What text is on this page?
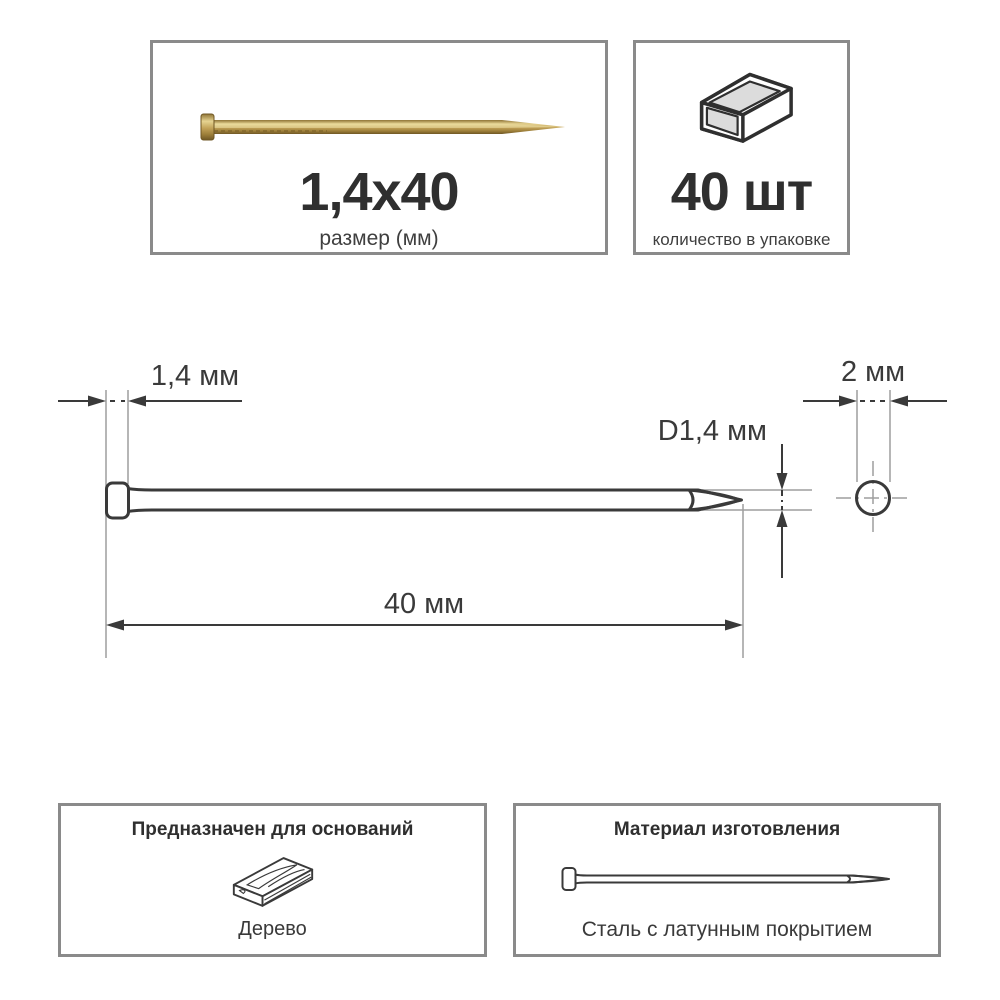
1,4x40
размер (мм)
40 шт
количество в упаковке
1,4 мм
D1,4 мм
2 мм
40 мм
Предназначен для оснований
Дерево
Материал изготовления
Сталь с латунным покрытием
